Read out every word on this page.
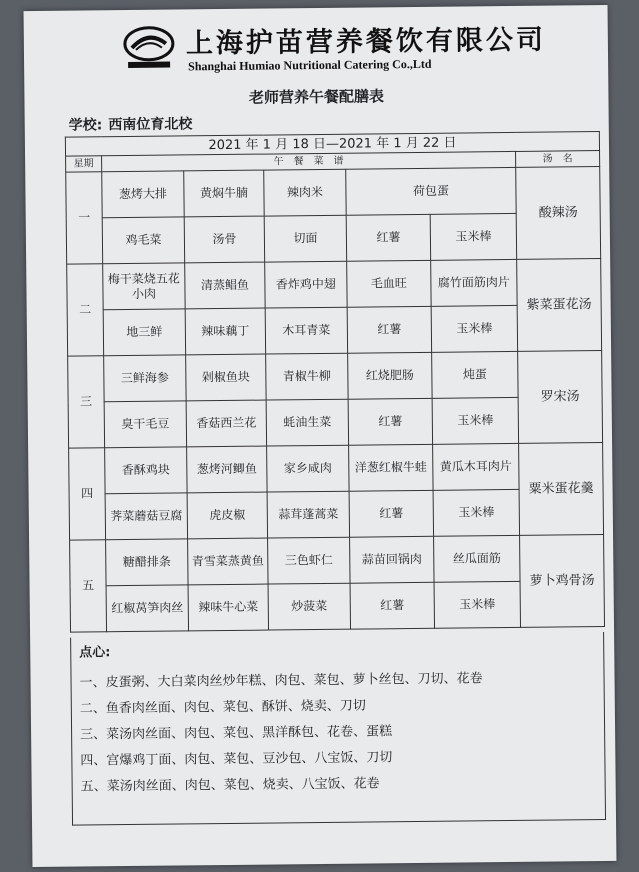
上海护苗营养餐饮有限公司
Shanghai Humiao Nutritional Catering Co.,Ltd
老师营养午餐配膳表
学校: 西南位育北校
2021 年 1 月 18 日—2021 年 1 月 22 日						
星期	午　餐　菜　谱					汤　名
一	葱烤大排	黄焖牛腩	辣肉米	荷包蛋		酸辣汤
	鸡毛菜	汤骨	切面	红薯	玉米棒	
二	梅干菜烧五花小肉	清蒸鲳鱼	香炸鸡中翅	毛血旺	腐竹面筋肉片	紫菜蛋花汤
	地三鲜	辣味藕丁	木耳青菜	红薯	玉米棒	
三	三鲜海参	剁椒鱼块	青椒牛柳	红烧肥肠	炖蛋	罗宋汤
	臭干毛豆	香菇西兰花	蚝油生菜	红薯	玉米棒	
四	香酥鸡块	葱烤河鲫鱼	家乡咸肉	洋葱红椒牛蛙	黄瓜木耳肉片	粟米蛋花羹
	荠菜蘑菇豆腐	虎皮椒	蒜茸蓬蒿菜	红薯	玉米棒	
五	糖醋排条	青雪菜蒸黄鱼	三色虾仁	蒜苗回锅肉	丝瓜面筋	萝卜鸡骨汤
	红椒莴笋肉丝	辣味牛心菜	炒菠菜	红薯	玉米棒	
点心:
一、皮蛋粥、大白菜肉丝炒年糕、肉包、菜包、萝卜丝包、刀切、花卷
二、鱼香肉丝面、肉包、菜包、酥饼、烧卖、刀切
三、菜汤肉丝面、肉包、菜包、黑洋酥包、花卷、蛋糕
四、宫爆鸡丁面、肉包、菜包、豆沙包、八宝饭、刀切
五、菜汤肉丝面、肉包、菜包、烧卖、八宝饭、花卷
